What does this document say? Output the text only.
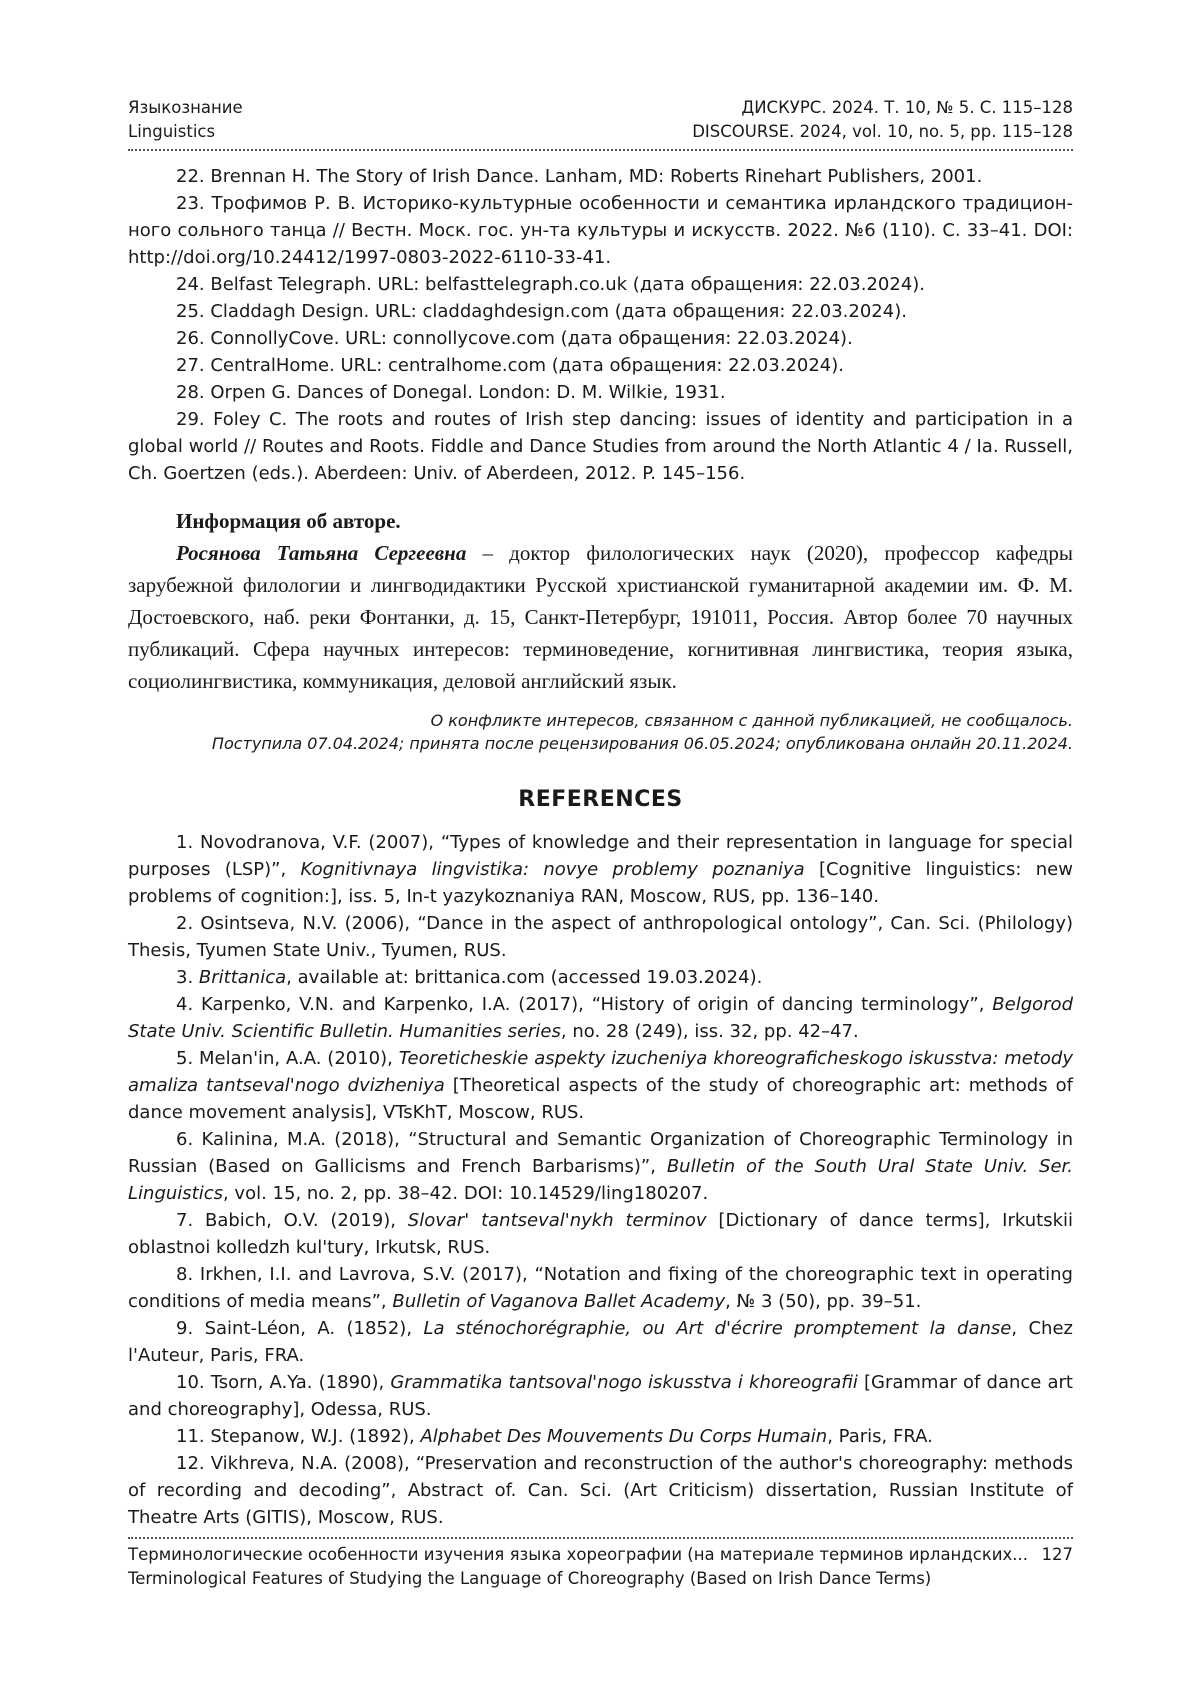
Языкознание
Linguistics
ДИСКУРС. 2024. Т. 10, № 5. С. 115–128
DISCOURSE. 2024, vol. 10, no. 5, pp. 115–128

22. Brennan H. The Story of Irish Dance. Lanham, MD: Roberts Rinehart Publishers, 2001.

23. Трофимов Р. В. Историко-культурные особенности и семантика ирландского традиционного сольного танца // Вестн. Моск. гос. ун-та культуры и искусств. 2022. №6 (110). С. 33–41. DOI: http://doi.org/10.24412/1997-0803-2022-6110-33-41.

24. Belfast Telegraph. URL: belfasttelegraph.co.uk (дата обращения: 22.03.2024).

25. Claddagh Design. URL: claddaghdesign.com (дата обращения: 22.03.2024).

26. ConnollyCove. URL: connollycove.com (дата обращения: 22.03.2024).

27. CentralHome. URL: centralhome.com (дата обращения: 22.03.2024).

28. Orpen G. Dances of Donegal. London: D. M. Wilkie, 1931.

29. Foley C. The roots and routes of Irish step dancing: issues of identity and participation in a global world // Routes and Roots. Fiddle and Dance Studies from around the North Atlantic 4 / Ia. Russell, Ch. Goertzen (eds.). Aberdeen: Univ. of Aberdeen, 2012. P. 145–156.

Информация об авторе.

Росянова Татьяна Сергеевна – доктор филологических наук (2020), профессор кафедры зарубежной филологии и лингводидактики Русской христианской гуманитарной академии им. Ф. М. Достоевского, наб. реки Фонтанки, д. 15, Санкт-Петербург, 191011, Россия. Автор более 70 научных публикаций. Сфера научных интересов: терминоведение, когнитивная лингвистика, теория языка, социолингвистика, коммуникация, деловой английский язык.

О конфликте интересов, связанном с данной публикацией, не сообщалось.
Поступила 07.04.2024; принята после рецензирования 06.05.2024; опубликована онлайн 20.11.2024.
REFERENCES

1. Novodranova, V.F. (2007), “Types of knowledge and their representation in language for special purposes (LSP)”, Kognitivnaya lingvistika: novye problemy poznaniya [Cognitive linguistics: new problems of cognition:], iss. 5, In-t yazykoznaniya RAN, Moscow, RUS, pp. 136–140.

2. Osintseva, N.V. (2006), “Dance in the aspect of anthropological ontology”, Can. Sci. (Philology) Thesis, Tyumen State Univ., Tyumen, RUS.

3. Brittanica, available at: brittanica.com (accessed 19.03.2024).

4. Karpenko, V.N. and Karpenko, I.A. (2017), “History of origin of dancing terminology”, Belgorod State Univ. Scientific Bulletin. Humanities series, no. 28 (249), iss. 32, pp. 42–47.

5. Melan'in, A.A. (2010), Teoreticheskie aspekty izucheniya khoreograficheskogo iskusstva: metody amaliza tantseval'nogo dvizheniya [Theoretical aspects of the study of choreographic art: methods of dance movement analysis], VTsKhT, Moscow, RUS.

6. Kalinina, M.A. (2018), “Structural and Semantic Organization of Choreographic Terminology in Russian (Based on Gallicisms and French Barbarisms)”, Bulletin of the South Ural State Univ. Ser. Linguistics, vol. 15, no. 2, pp. 38–42. DOI: 10.14529/ling180207.

7. Babich, O.V. (2019), Slovar' tantseval'nykh terminov [Dictionary of dance terms], Irkutskii oblastnoi kolledzh kul'tury, Irkutsk, RUS.

8. Irkhen, I.I. and Lavrova, S.V. (2017), “Notation and fixing of the choreographic text in operating conditions of media means”, Bulletin of Vaganova Ballet Academy, № 3 (50), pp. 39–51.

9. Saint-Léon, A. (1852), La sténochorégraphie, ou Art d'écrire promptement la danse, Chez l'Auteur, Paris, FRA.

10. Tsorn, A.Ya. (1890), Grammatika tantsoval'nogo iskusstva i khoreografii [Grammar of dance art and choreography], Odessa, RUS.

11. Stepanow, W.J. (1892), Alphabet Des Mouvements Du Corps Humain, Paris, FRA.

12. Vikhreva, N.A. (2008), “Preservation and reconstruction of the author's choreography: methods of recording and decoding”, Abstract of. Can. Sci. (Art Criticism) dissertation, Russian Institute of Theatre Arts (GITIS), Moscow, RUS.

Терминологические особенности изучения языка хореографии (на материале терминов ирландских... 127
Terminological Features of Studying the Language of Choreography (Based on Irish Dance Terms)
